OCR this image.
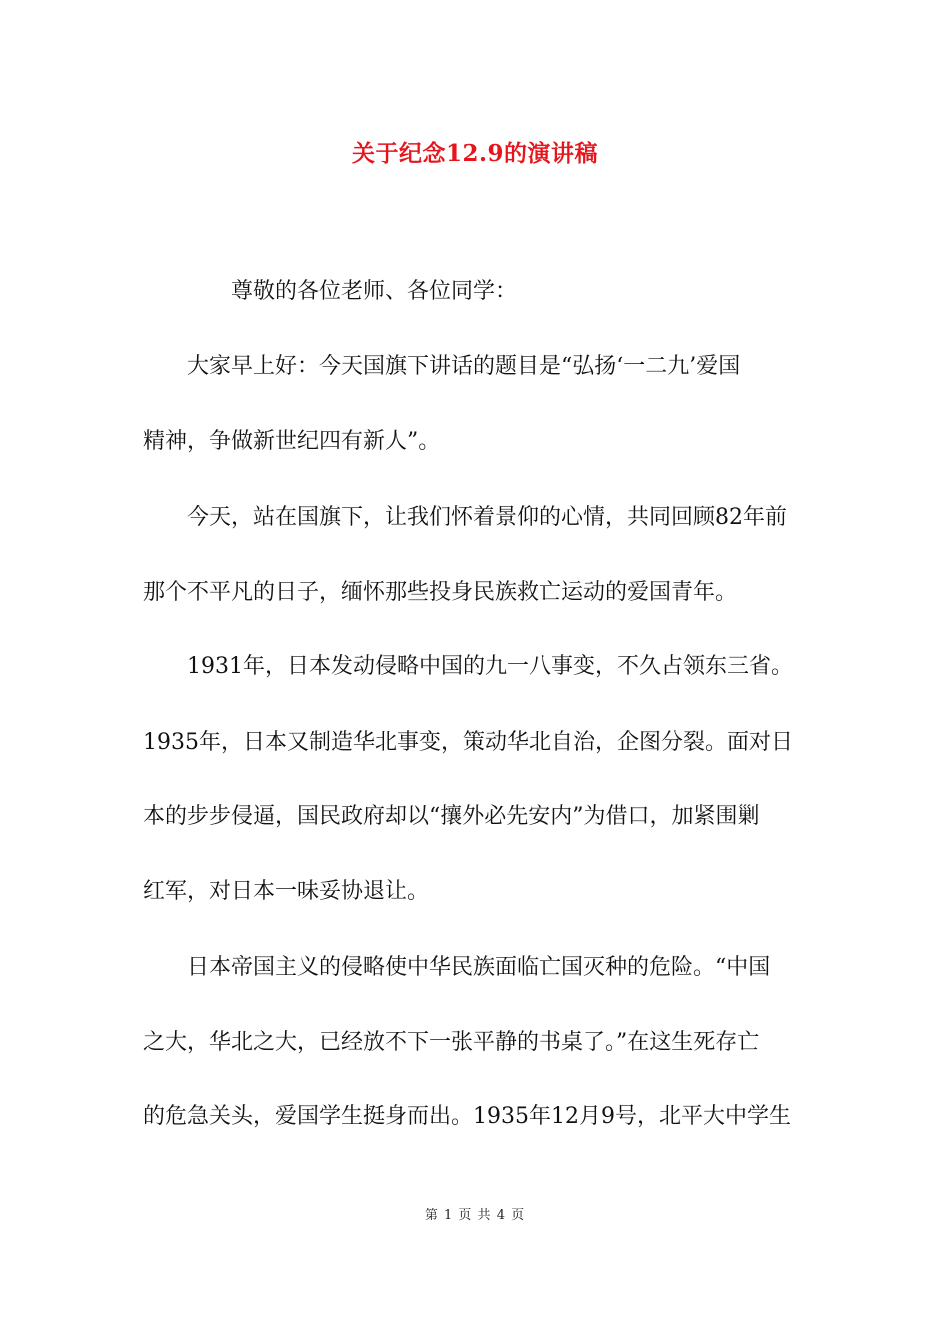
关于纪念12.9的演讲稿
尊敬的各位老师、各位同学：
大家早上好：今天国旗下讲话的题目是“弘扬‘一二九’爱国
精神，争做新世纪四有新人”。
今天，站在国旗下，让我们怀着景仰的心情，共同回顾82年前
那个不平凡的日子，缅怀那些投身民族救亡运动的爱国青年。
1931年，日本发动侵略中国的九一八事变，不久占领东三省。
1935年，日本又制造华北事变，策动华北自治，企图分裂。面对日
本的步步侵逼，国民政府却以“攘外必先安内”为借口，加紧围剿
红军，对日本一味妥协退让。
日本帝国主义的侵略使中华民族面临亡国灭种的危险。“中国
之大，华北之大，已经放不下一张平静的书桌了。”在这生死存亡
的危急关头，爱国学生挺身而出。1935年12月9号，北平大中学生
第 1 页 共 4 页
